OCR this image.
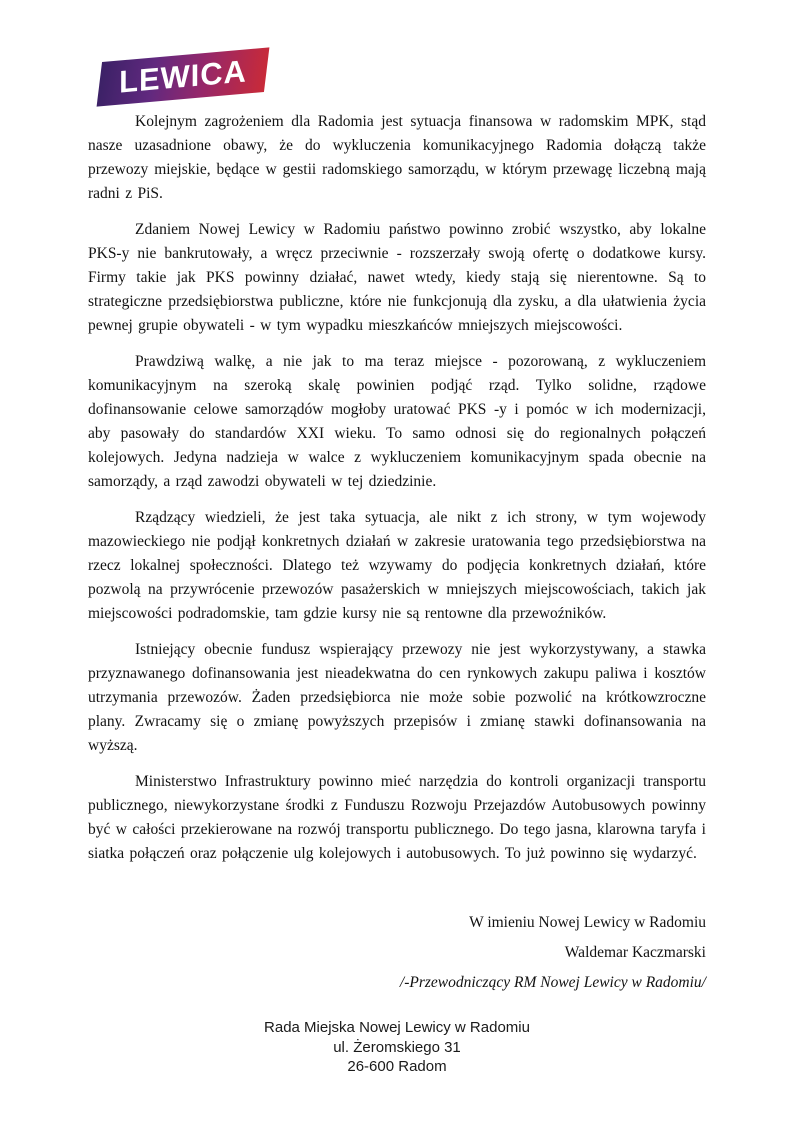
LEWICA

Kolejnym zagrożeniem dla Radomia jest sytuacja finansowa w radomskim MPK, stąd nasze uzasadnione obawy, że do wykluczenia komunikacyjnego Radomia dołączą także przewozy miejskie, będące w gestii radomskiego samorządu, w którym przewagę liczebną mają radni z PiS.

Zdaniem Nowej Lewicy w Radomiu państwo powinno zrobić wszystko, aby lokalne PKS-y nie bankrutowały, a wręcz przeciwnie - rozszerzały swoją ofertę o dodatkowe kursy. Firmy takie jak PKS powinny działać, nawet wtedy, kiedy stają się nierentowne. Są to strategiczne przedsiębiorstwa publiczne, które nie funkcjonują dla zysku, a dla ułatwienia życia pewnej grupie obywateli - w tym wypadku mieszkańców mniejszych miejscowości.

Prawdziwą walkę, a nie jak to ma teraz miejsce - pozorowaną, z wykluczeniem komunikacyjnym na szeroką skalę powinien podjąć rząd. Tylko solidne, rządowe dofinansowanie celowe samorządów mogłoby uratować PKS -y i pomóc w ich modernizacji, aby pasowały do standardów XXI wieku. To samo odnosi się do regionalnych połączeń kolejowych. Jedyna nadzieja w walce z wykluczeniem komunikacyjnym spada obecnie na samorządy, a rząd zawodzi obywateli w tej dziedzinie.

Rządzący wiedzieli, że jest taka sytuacja, ale nikt z ich strony, w tym wojewody mazowieckiego nie podjął konkretnych działań w zakresie uratowania tego przedsiębiorstwa na rzecz lokalnej społeczności. Dlatego też wzywamy do podjęcia konkretnych działań, które pozwolą na przywrócenie przewozów pasażerskich w mniejszych miejscowościach, takich jak miejscowości podradomskie, tam gdzie kursy nie są rentowne dla przewoźników.

Istniejący obecnie fundusz wspierający przewozy nie jest wykorzystywany, a stawka przyznawanego dofinansowania jest nieadekwatna do cen rynkowych zakupu paliwa i kosztów utrzymania przewozów. Żaden przedsiębiorca nie może sobie pozwolić na krótkowzroczne plany. Zwracamy się o zmianę powyższych przepisów i zmianę stawki dofinansowania na wyższą.

Ministerstwo Infrastruktury powinno mieć narzędzia do kontroli organizacji transportu publicznego, niewykorzystane środki z Funduszu Rozwoju Przejazdów Autobusowych powinny być w całości przekierowane na rozwój transportu publicznego. Do tego jasna, klarowna taryfa i siatka połączeń oraz połączenie ulg kolejowych i autobusowych. To już powinno się wydarzyć.

W imieniu Nowej Lewicy w Radomiu
Waldemar Kaczmarski
/-Przewodniczący RM Nowej Lewicy w Radomiu/
Rada Miejska Nowej Lewicy w Radomiu
ul. Żeromskiego 31
26-600 Radom
